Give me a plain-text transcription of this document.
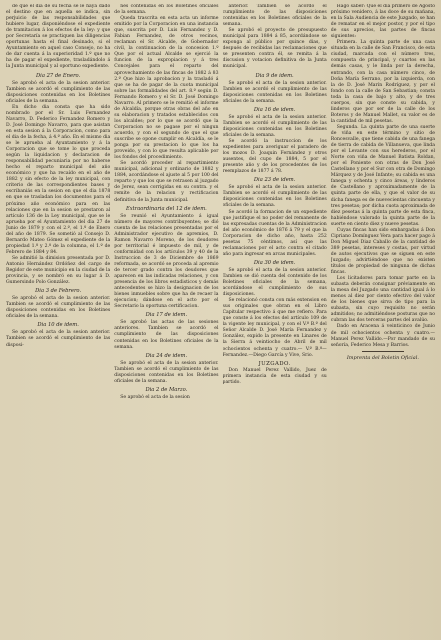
de que el dia de su fecha se le haya dado el destino que en aquella se indica, sin perjuicio de las responsabilidades que hubiere lugar, disponiéndose el expediente de tramitacion á los efectos de la ley: y que por Secretaría se practiquen las diligencias oportunas hasta el final desinado, si el Ayuntamiento en aquel caso Consejo, no ha de dar cuenta á la superioridad 1.º que no ha de pagar el expediente, trasladándolo á la Junta municipal y al oportuno expediente.

Dia 27 de Enero.

Se aprobó el acta de la sesion anterior. Tambien se acordó el cumplimiento de las disposiciones contenidas en los Boletines oficiales de la semana.

En dicho dia consta que ha sido nombrado por el Sr. Luis Fernandez Navarro, D. Federico Fernandez Romero y D. José Domingo Navarro, para que asistan en esta sesion á la Corporacion, como para el dia de la fecha, á 4.º año. En el mismo dia se le aprueba al Ayuntamiento y á la Corporacion que se tome lo que proceda según la liquidacion y declaracion de responsabilidad pecuniaria por no haberse hecho el reparto municipal del año económico y que ha recaído en el año de 1882 y sin efecto de la ley municipal, con criterio de las correspondientes bases y escribaniás en la sesion en que el dia 1878 en que se trasladan los documentos para el próximo año económico para en las relaciones que en la sesion se prestaron al artículo 136 de la Ley municipal, que se le aprueba por el Ayuntamiento del dia 27 de Junio de 1879 y con el 2.º, el 1.º de Enero del año de 1879. Se sometió al Consejo D. Bernardo Mateo Gómez el expediente de la propiedad 1.º y 2.º de la columna, el 1.º de Febrero de 1884 y 84.

Se admitió la dimision presentada por D. Antonio Hernández Ordóñez del cargo de Regidor de este municipio en la ciudad de la provincia, y se nombró en su lugar á D. Gumersindo Polo González.

Dia 3 de Febrero.

Se aprobó el acta de la sesion anterior. Tambien se acordó el cumplimiento de las disposiciones contenidas en los Boletines oficiales de la semana.

Dia 10 de idem.

Se aprobó el acta de la sesion anterior. Tambien se acordó el cumplimiento de las disposi-

nes contenidas en los Boletines oficiales de la semana.

Queda trascrita en esta acta un informe emitido por la Corporacion en una instancia que, suscrita por D. Luis Fernandez y D. Fabian Fernandez, de otros vecinos, reclaman el Sr. Alcalde, de Gobernador civil, la continuacion de la concesion 1.º Que por el actual Alcalde se ejerció la funcion de la expropiacion y á tres Concejales para el reparto del aprovechamiento de las fincas de 1882 á 83 2.º Que hizo la aprobacion y la trasladó á que se ha de pagar de la cuota municipal sobre las formalidades del art. 8.º según D. Fernando Romero y el Sr. D. José Domingo Navarro. Al primero se le remitió el informe de Alcaldía, porque otras obras del año en su elaboracion y tratados establecidos con los alcaldes; por lo que se acordó que la Corporacion no se pagase por el ningun acuerdo, y con el segundo de que el que suscribe se opone cumplir en Alcaldía, se le ponga por su prestacion lo que los ha proveido, y con lo que resulta aplicable por los fondos del procedimiento.

Se acordó proceder al repartimiento municipal, adicional y ordinario de 1882 y 1884, acordándose el ajuste al 5 por 100 del reparto y que los que se retrasen al juzgado de Jerez, sean corrigidas en su contra. y el remite de la relacion y rectificacion definitiva de la Junta municipal.

Extraordinaria del 12 de idem.

Se reunió el Ayuntamiento á igual número de mayores contribuyentes; se dió cuenta de las relaciones presentadas por el Administrador ejecutivo de apremios, D. Ramon Navarro Moreno, de los deudores por territorial é impuesto de mil, y de conformidad con los artículos 39 y 40 de la Instruccion de 3 de Diciembre de 1869 reformada, se acordó se proceda al apremio de tercer grado contra los deudores que aparecen en las indicadas relaciones, y con presencia de los libros estadisticos y demás antecedentes se hizo la designacion de los bienes inmuebles sobre que ha de recaer la ejecucion; dándose en el acto por el Secretario la oportuna certificacion.

Dia 17 de idem.

Se aprobó las actas de las sesiones anteriores. Tambien se acordó el cumplimiento de las disposiciones contenidas en los Boletines oficiales de la semana.

Dia 24 de idem.

Se aprobó el acta de la sesion anterior. Tambien se acordó el cumplimiento de las disposiciones contenidas en los Boletines oficiales de la semana.

Dia 2 de Marzo.

Se aprobó el acta de la sesion

anterior. Tambien se acordó el cumplimiento de las disposiciones contenidas en los Boletines oficiales de la semana.

Se aprobó el proyecto de presupuesto municipal para 1884 á 85, acordándose se exponga al público por quince dias, y después de recibidas las reclamaciones que se presenten contra él, se remita á la discusion y votacion definitiva de la Junta municipal.

Dia 9 de idem.

Se aprobó el acta de la sesion anterior. Tambien se acordó el cumplimiento de las disposiciones contenidas en los Boletines oficiales de la semana.

Dia 16 de idem.

Se aprobó el acta de la sesion anterior. Tambien se acordó el cumplimiento de las disposiciones contenidas en los Boletines oficiales de la semana.

Se acordó la instruccion de los expedientes para averiguar el paradero de los mozos D. Joaquin Fernández y otros ausentes, del cupo de 1884, 5 por el presente año y de los procedentes de los reemplazos de 1877 á 78.

Dia 23 de idem.

Se aprobó el acta de la sesion anterior. Tambien se acordó el cumplimiento de las disposiciones contenidas en los Boletines oficiales de la semana.

Se acordó la formacion de un expediente que justifique el no poder del remanente de las expresadas cuentas de la Administracion del año económico de 1876 á 79 y el que la Corporacion de dicho año, hasta 252 pesetas 75 céntimos, así que las reclamaciones por el acto contra el citado año para ingresar en arcas municipales.

Dia 30 de idem.

Se aprobó el acta de la sesion anterior. Tambien se dió cuenta del contenido de los Boletines oficiales de la semana, acordándose el cumplimiento de sus disposiciones.

Se relacionó consta con más extension en sus originales que obran en el Libro Capitular respectivo á que me refiero. Para que conste á los efectos del artículo 109 de la vigente ley municipal, y con el V.º B.º del Señor Alcalde D. José María Fernandez y González, expido la presente en Linares de la Sierra á veintiocho de Abril de mil ochocientos ochenta y cuatro.— V.º B.º—Fernandez.—Diego García y Vive, Srio.

JUZGADO.

Don Manuel Perez Vallido, Juez de primera instancia de esta ciudad y su partido.

Hago saber: Que el dia primero de Agosto próximo venidero, á las doce de su mañana, en la Sala Audiencia de este Juzgado, se han de rematar en el mejor postor, y por el tipo de sus aprecios, las partes de fincas siguientes:

Primera. La quinta parte de una casa situada en la calle de San Francisco, de esta ciudad, marcada con el número tres, compuesta de principal, y cuartos en las demás casas, y le linda por la derecha, entrando, con la casa número cinco, de Doña María Serrano, por la izquierda, con la de D. José Marín Rodríguez, y por el fondo con la calle de San Sebastian; consta toda la casa de bajo y alto, y de tres cuerpos, sin que conste su cabida, y linderos que por ser de la calle de los Boteros y de Manuel Mallet, su valor es de la cantidad de mil pesetas.

Segunda. La quinta parte de una suerte de viña en este término y sitio de Roncesvalle, que tiene cabida de una fanega de tierra de cabida de Villanueva, que linda por el Levante con sus herederos, por el Norte con viña de Manuel Batista Roldan, por el Poniente con otras de Don José Castellano y por el Sur con otra de Domingo Márquez y de José Infante; su cabida es una fanega y ochenta y cinco áreas, y linderos de Castellano y aproximadamente de la quinta parte de ella, y que el valor de su dicha fanega es de nuevecientas cincuenta y tres pesetas; por dicha cuota aproximada de diez pesetas á la quinta parte de esta finca, habiéndose valorado la quinta parte de la suerte en ciento diez y nueve pesetas.

Cuyas fincas han sido embargadas á Don Cipriano Domínguez Vera para hacer pago á Don Miguel Diaz Caballo de la cantidad de 389 pesetas, intereses y costas, por virtud de autos ejecutivos que se siguen en este Juzgado; advirtiéndose que no existen títulos de propiedad de ninguna de dichas fincas.

Los licitadores para tomar parte en la subasta deberán consignar préviamente en la mesa del Juzgado una cantidad igual á lo menos al diez por ciento efectivo del valor de los bienes que sirva de tipo para la subasta, sin cuyo requisito no serán admitidos; no admitiéndose posturas que no cubran las dos terceras partes del avalúo.

Dado en Aracena á veinticinco de Junio de mil ochocientos ochenta y cuatro.—Manuel Perez Vallido.—Por mandado de su señoría, Federico Mesa y Barrios.

Imprenta del Boletin Oficial.
